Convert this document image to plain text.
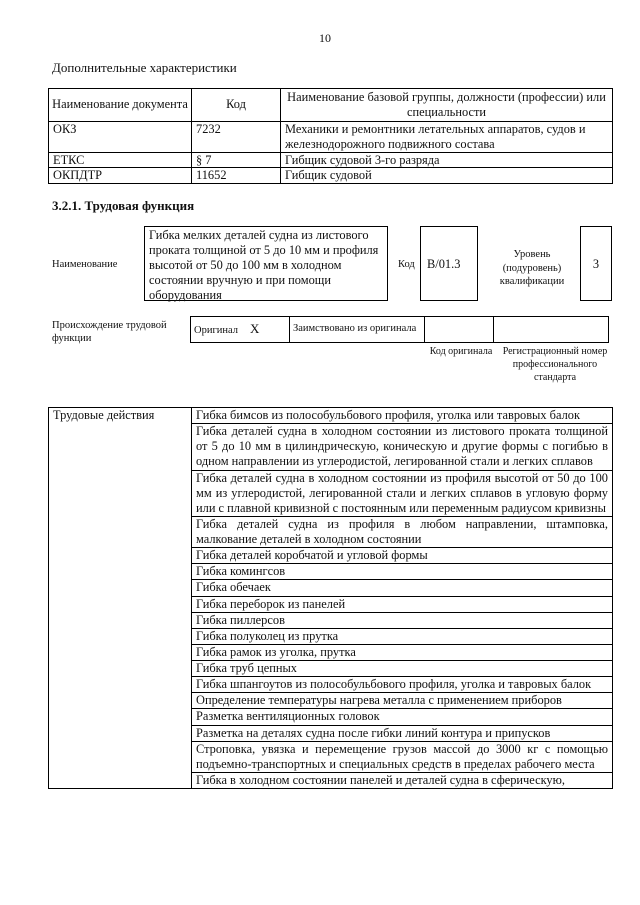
10
Дополнительные характеристики
Наименование документа	Код	Наименование базовой группы, должности (профессии) или специальности
ОКЗ	7232	Механики и ремонтники летательных аппаратов, судов и железнодорожного подвижного состава
ЕТКС	§ 7	Гибщик судовой 3-го разряда
ОКПДТР	11652	Гибщик судовой
3.2.1. Трудовая функция
Наименование
Гибка мелких деталей судна из листового проката толщиной от 5 до 10 мм и профиля высотой от 50 до 100 мм в холодном состоянии вручную и при помощи оборудования
Код B/01.3
Уровень (подуровень) квалификации
3
Происхождение трудовой функции
Оригинал X	Заимствовано из оригинала		
Код оригинала	Регистрационный номер профессионального стандарта
Трудовые действия	Гибка бимсов из полособульбового профиля, уголка или тавровых балок
Гибка деталей судна в холодном состоянии из листового проката толщиной от 5 до 10 мм в цилиндрическую, коническую и другие формы с погибью в одном направлении из углеродистой, легированной стали и легких сплавов
Гибка деталей судна в холодном состоянии из профиля высотой от 50 до 100 мм из углеродистой, легированной стали и легких сплавов в угловую форму или с плавной кривизной с постоянным или переменным радиусом кривизны
Гибка деталей судна из профиля в любом направлении, штамповка, малкование деталей в холодном состоянии
Гибка деталей коробчатой и угловой формы
Гибка комингсов
Гибка обечаек
Гибка переборок из панелей
Гибка пиллерсов
Гибка полуколец из прутка
Гибка рамок из уголка, прутка
Гибка труб цепных
Гибка шпангоутов из полособульбового профиля, уголка и тавровых балок
Определение температуры нагрева металла с применением приборов
Разметка вентиляционных головок
Разметка на деталях судна после гибки линий контура и припусков
Строповка, увязка и перемещение грузов массой до 3000 кг с помощью подъемно-транспортных и специальных средств в пределах рабочего места
Гибка в холодном состоянии панелей и деталей судна в сферическую,
